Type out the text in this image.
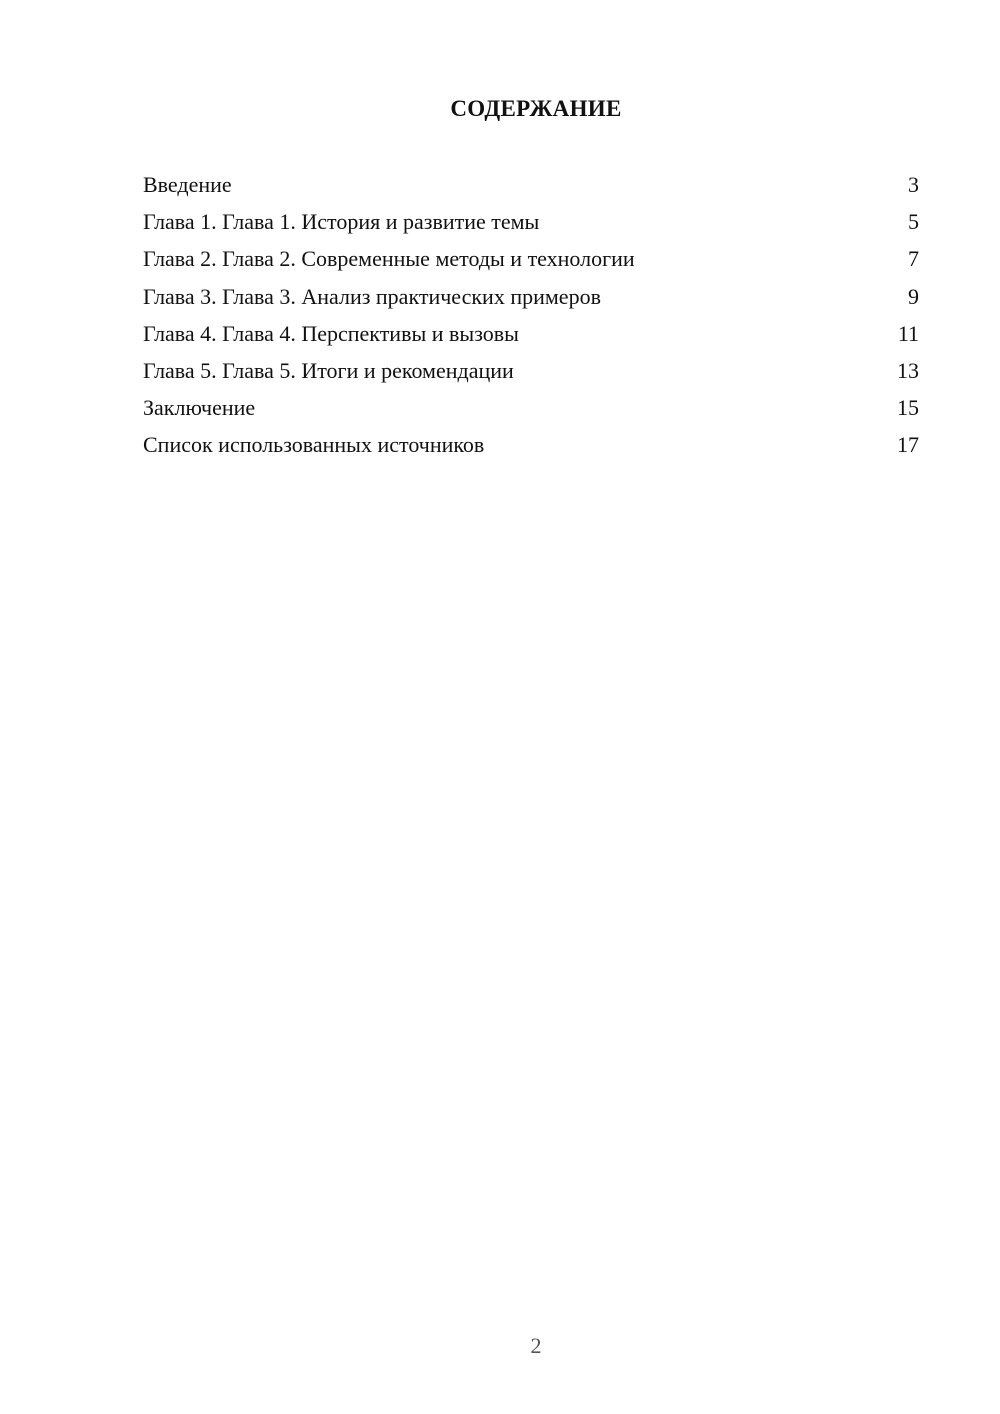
СОДЕРЖАНИЕ
Введение	3
Глава 1. Глава 1. История и развитие темы	5
Глава 2. Глава 2. Современные методы и технологии	7
Глава 3. Глава 3. Анализ практических примеров	9
Глава 4. Глава 4. Перспективы и вызовы	11
Глава 5. Глава 5. Итоги и рекомендации	13
Заключение	15
Список использованных источников	17
2
